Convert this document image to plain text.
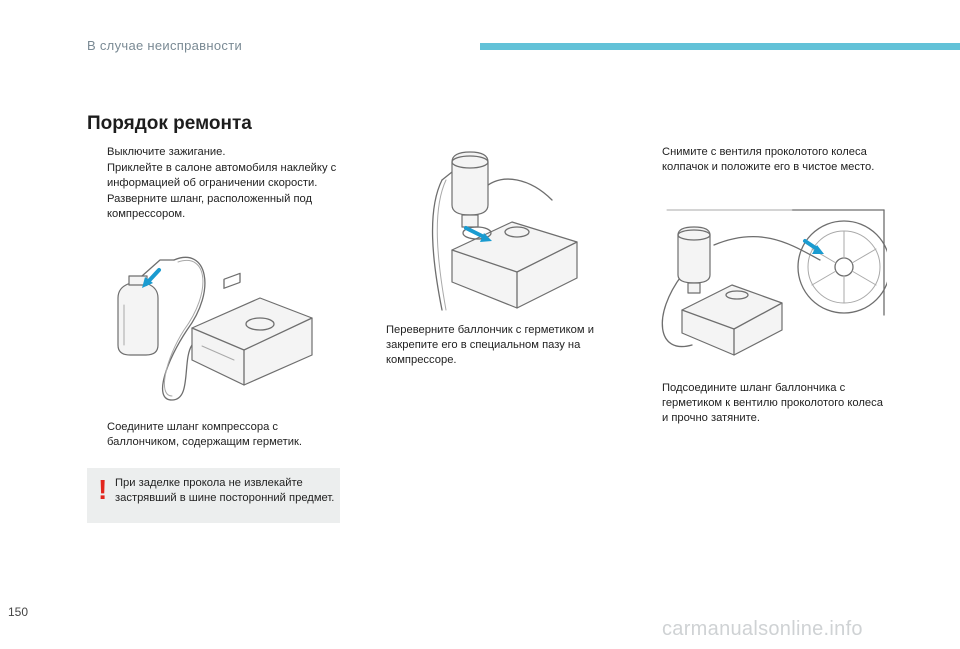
В случае неисправности
Порядок ремонта
Выключите зажигание.
Приклейте в салоне автомобиля наклейку с информацией об ограничении скорости.
Разверните шланг, расположенный под компрессором.
Соедините шланг компрессора с баллончиком, содержащим герметик.
! При заделке прокола не извлекайте застрявший в шине посторонний предмет.
Переверните баллончик с герметиком и закрепите его в специальном пазу на компрессоре.
Снимите с вентиля проколотого колеса колпачок и положите его в чистое место.
Подсоедините шланг баллончика с герметиком к вентилю проколотого колеса и прочно затяните.
150
carmanualsonline.info
